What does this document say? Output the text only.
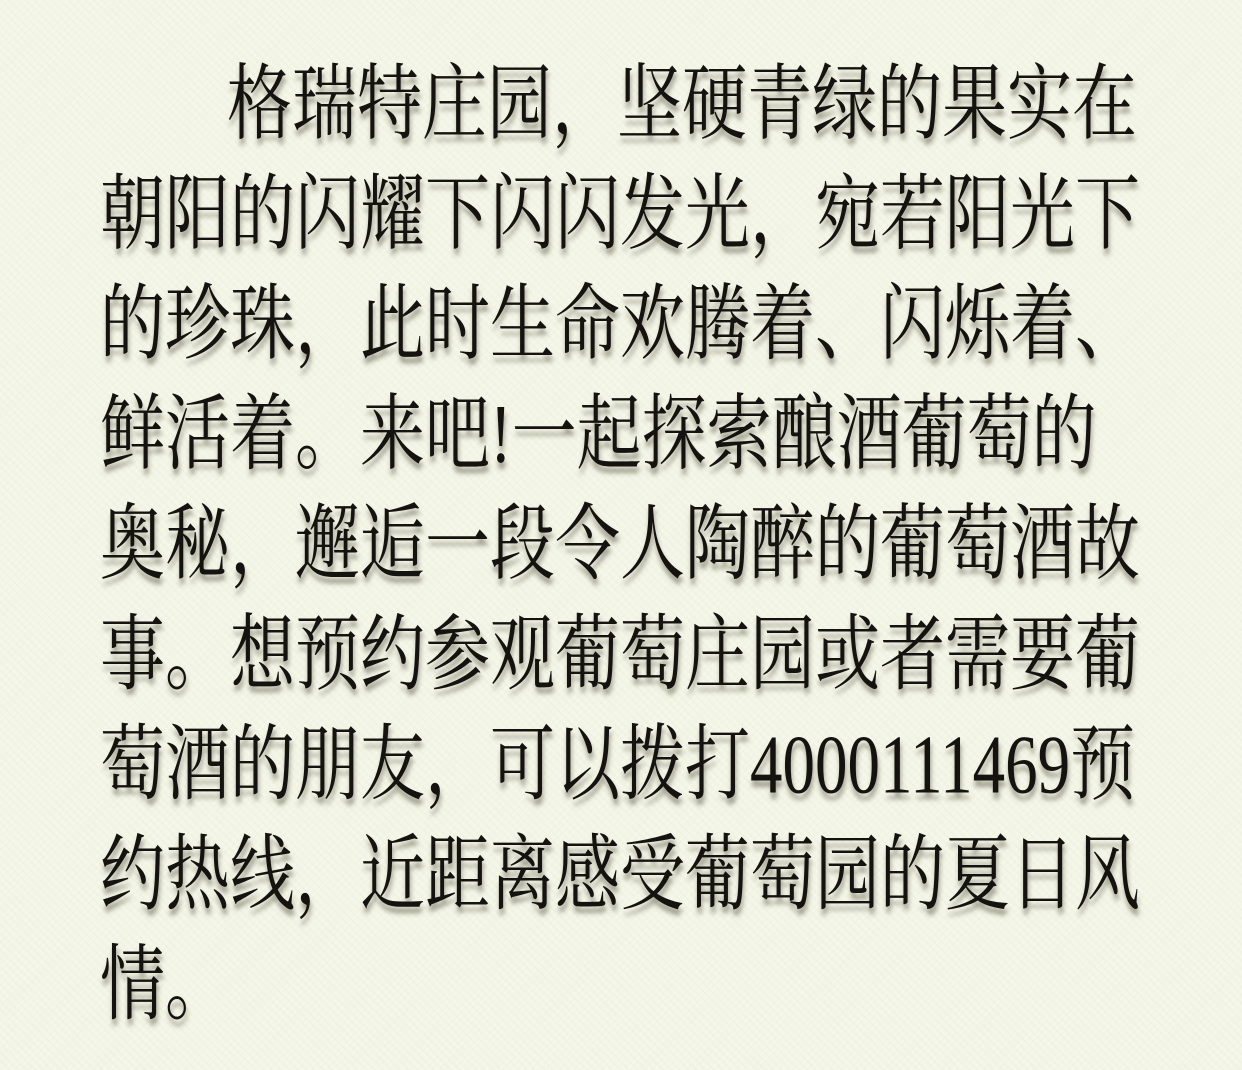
格瑞特庄园，坚硬青绿的果实在
朝阳的闪耀下闪闪发光，宛若阳光下
的珍珠，此时生命欢腾着、闪烁着、
鲜活着。来吧!一起探索酿酒葡萄的
奥秘，邂逅一段令人陶醉的葡萄酒故
事。想预约参观葡萄庄园或者需要葡
萄酒的朋友，可以拨打4000111469预
约热线，近距离感受葡萄园的夏日风
情。
